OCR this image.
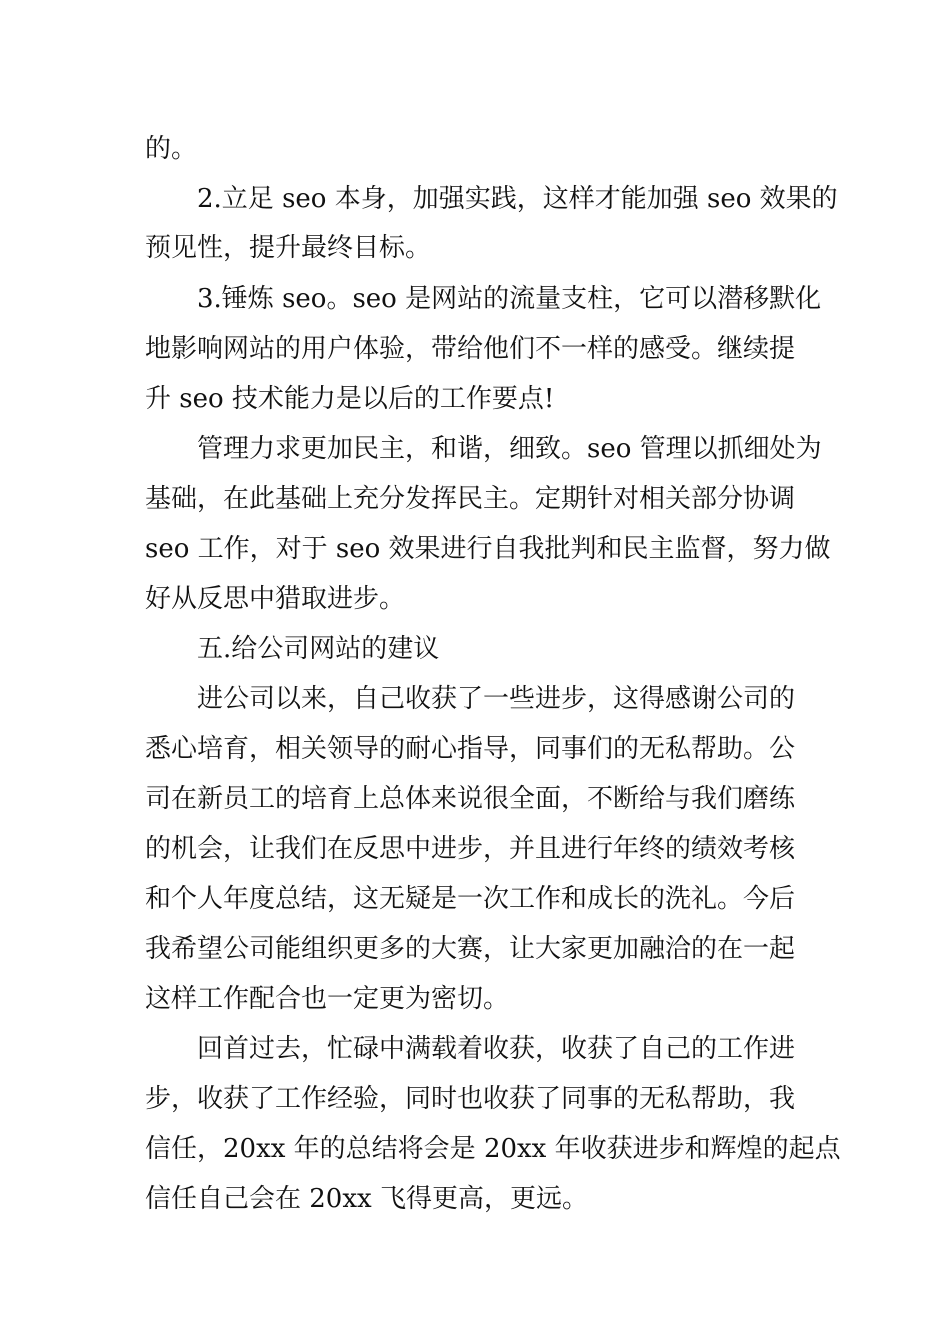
的。
2.立足 seo 本身，加强实践，这样才能加强 seo 效果的
预见性，提升最终目标。
3.锤炼 seo。seo 是网站的流量支柱，它可以潜移默化
地影响网站的用户体验，带给他们不一样的感受。继续提
升 seo 技术能力是以后的工作要点!
管理力求更加民主，和谐，细致。seo 管理以抓细处为
基础，在此基础上充分发挥民主。定期针对相关部分协调
seo 工作，对于 seo 效果进行自我批判和民主监督，努力做
好从反思中猎取进步。
五.给公司网站的建议
进公司以来，自己收获了一些进步，这得感谢公司的
悉心培育，相关领导的耐心指导，同事们的无私帮助。公
司在新员工的培育上总体来说很全面，不断给与我们磨练
的机会，让我们在反思中进步，并且进行年终的绩效考核
和个人年度总结，这无疑是一次工作和成长的洗礼。今后
我希望公司能组织更多的大赛，让大家更加融洽的在一起
这样工作配合也一定更为密切。
回首过去，忙碌中满载着收获，收获了自己的工作进
步，收获了工作经验，同时也收获了同事的无私帮助，我
信任，20xx 年的总结将会是 20xx 年收获进步和辉煌的起点
信任自己会在 20xx 飞得更高，更远。
